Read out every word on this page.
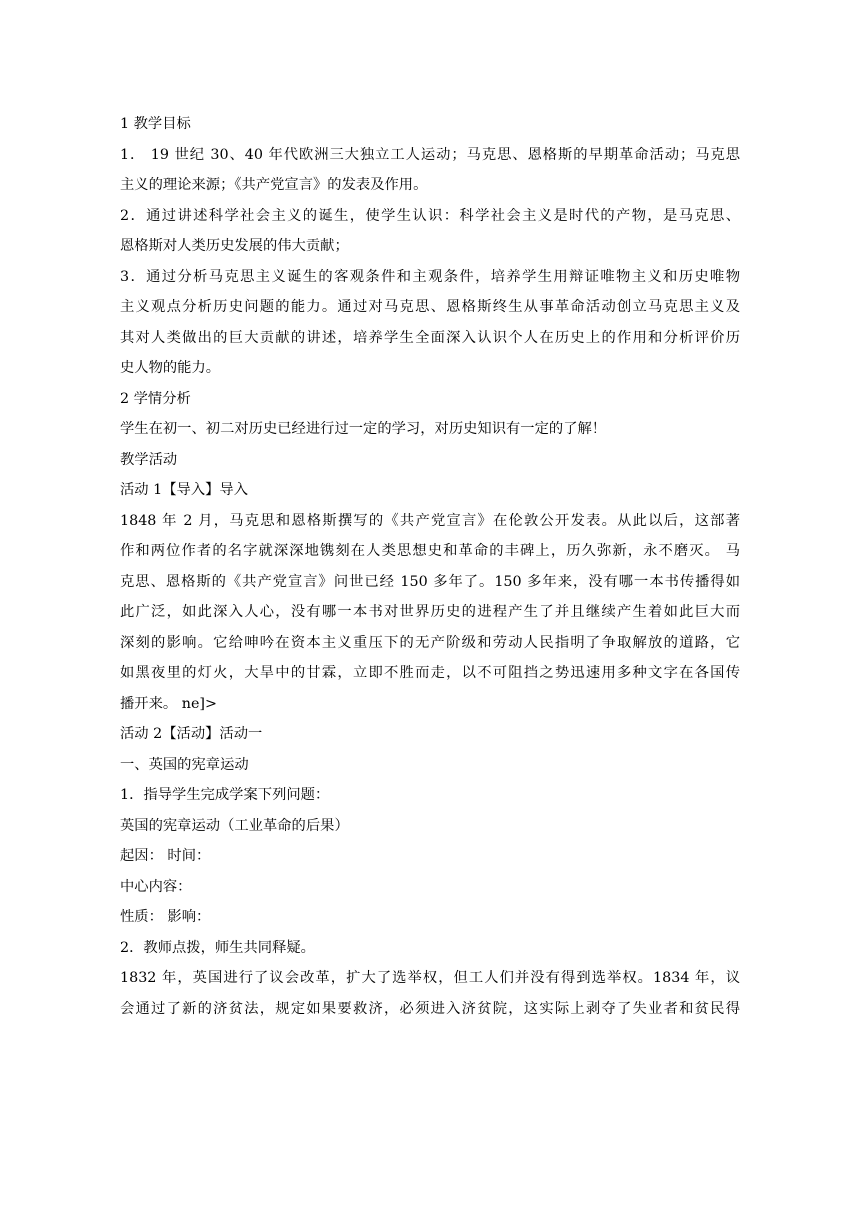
1 教学目标
1． 19 世纪 30、40 年代欧洲三大独立工人运动；马克思、恩格斯的早期革命活动；马克思
主义的理论来源；《共产党宣言》的发表及作用。
2．通过讲述科学社会主义的诞生，使学生认识：科学社会主义是时代的产物，是马克思、
恩格斯对人类历史发展的伟大贡献；
3．通过分析马克思主义诞生的客观条件和主观条件，培养学生用辩证唯物主义和历史唯物
主义观点分析历史问题的能力。通过对马克思、恩格斯终生从事革命活动创立马克思主义及
其对人类做出的巨大贡献的讲述，培养学生全面深入认识个人在历史上的作用和分析评价历
史人物的能力。
2 学情分析
学生在初一、初二对历史已经进行过一定的学习，对历史知识有一定的了解！
教学活动
活动 1【导入】导入
1848 年 2 月，马克思和恩格斯撰写的《共产党宣言》在伦敦公开发表。从此以后，这部著
作和两位作者的名字就深深地镌刻在人类思想史和革命的丰碑上，历久弥新，永不磨灭。 马
克思、恩格斯的《共产党宣言》问世已经 150 多年了。150 多年来，没有哪一本书传播得如
此广泛，如此深入人心，没有哪一本书对世界历史的进程产生了并且继续产生着如此巨大而
深刻的影响。它给呻吟在资本主义重压下的无产阶级和劳动人民指明了争取解放的道路，它
如黑夜里的灯火，大旱中的甘霖，立即不胜而走，以不可阻挡之势迅速用多种文字在各国传
播开来。 ne]>
活动 2【活动】活动一
一、英国的宪章运动
1．指导学生完成学案下列问题：
英国的宪章运动（工业革命的后果）
起因： 时间：
中心内容：
性质： 影响：
2．教师点拨，师生共同释疑。
1832 年，英国进行了议会改革，扩大了选举权，但工人们并没有得到选举权。1834 年，议
会通过了新的济贫法，规定如果要救济，必须进入济贫院，这实际上剥夺了失业者和贫民得
